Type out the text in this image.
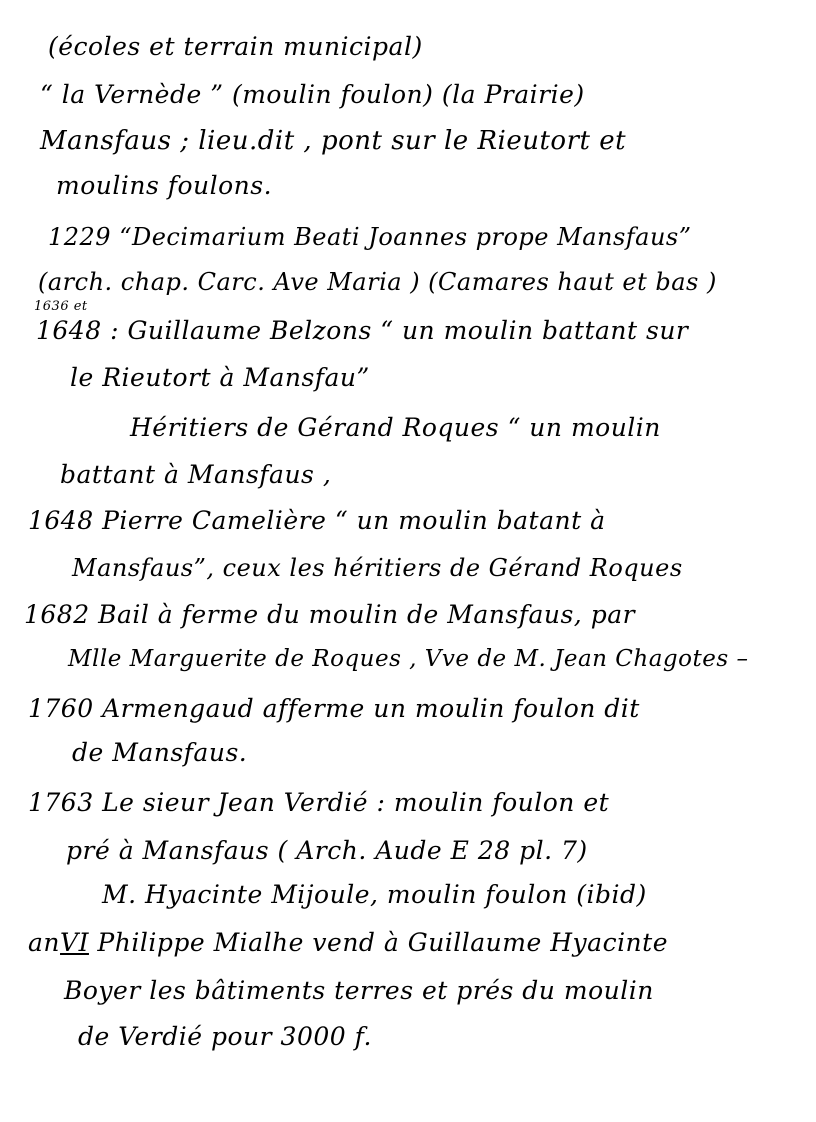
(écoles et terrain municipal)
“ la Vernède ” (moulin foulon) (la Prairie)
Mansfaus ; lieu.dit , pont sur le Rieutort et
moulins foulons.
1229 “Decimarium Beati Joannes prope Mansfaus”
(arch. chap. Carc. Ave Maria ) (Camares haut et bas )
1636 et
1648 : Guillaume Belzons “ un moulin battant sur
le Rieutort à Mansfau”
Héritiers de Gérand Roques “ un moulin
battant à Mansfaus ,
1648 Pierre Camelière “ un moulin batant à
Mansfaus”, ceux les héritiers de Gérand Roques
1682 Bail à ferme du moulin de Mansfaus, par
Mlle Marguerite de Roques , Vve de M. Jean Chagotes –
1760 Armengaud afferme un moulin foulon dit
de Mansfaus.
1763 Le sieur Jean Verdié : moulin foulon et
pré à Mansfaus ( Arch. Aude E 28 pl. 7)
M. Hyacinte Mijoule, moulin foulon (ibid)
anVI Philippe Mialhe vend à Guillaume Hyacinte
Boyer les bâtiments terres et prés du moulin
de Verdié pour 3000 f.
